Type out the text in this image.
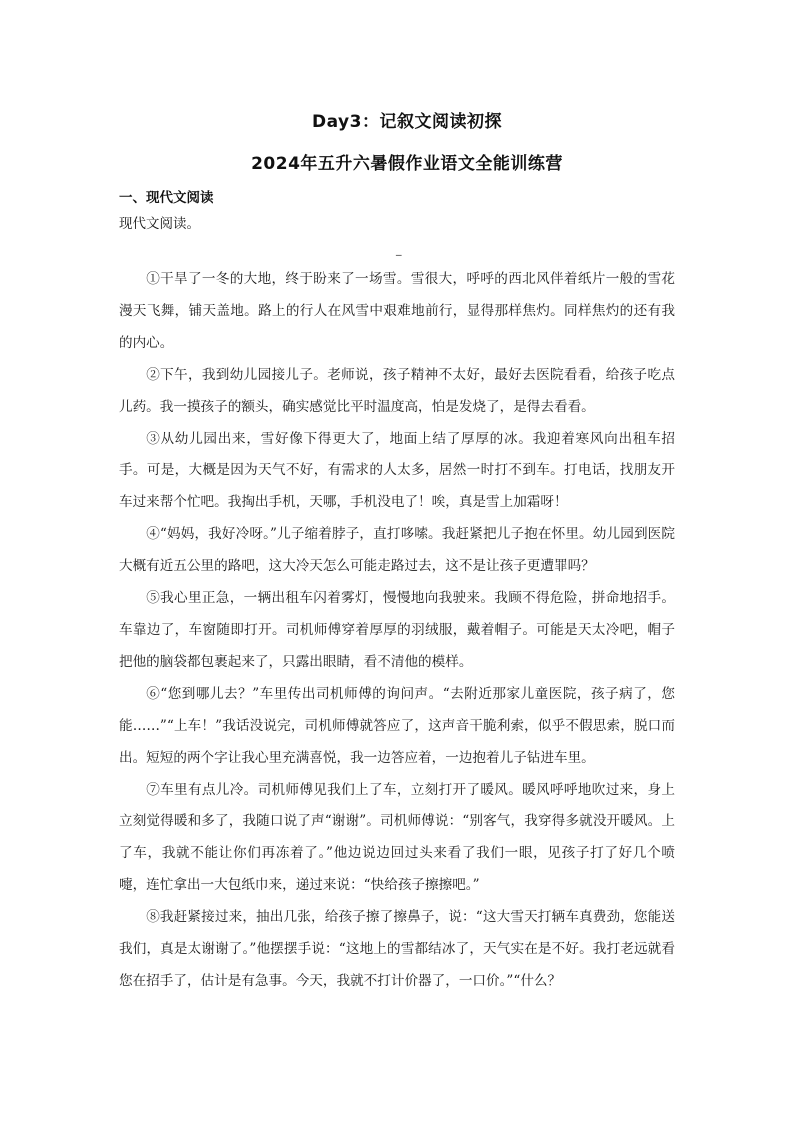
Day3：记叙文阅读初探
2024年五升六暑假作业语文全能训练营
一、现代文阅读
现代文阅读。
_

①干旱了一冬的大地，终于盼来了一场雪。雪很大，呼呼的西北风伴着纸片一般的雪花漫天飞舞，铺天盖地。路上的行人在风雪中艰难地前行，显得那样焦灼。同样焦灼的还有我的内心。

②下午，我到幼儿园接儿子。老师说，孩子精神不太好，最好去医院看看，给孩子吃点儿药。我一摸孩子的额头，确实感觉比平时温度高，怕是发烧了，是得去看看。

③从幼儿园出来，雪好像下得更大了，地面上结了厚厚的冰。我迎着寒风向出租车招手。可是，大概是因为天气不好，有需求的人太多，居然一时打不到车。打电话，找朋友开车过来帮个忙吧。我掏出手机，天哪，手机没电了！唉，真是雪上加霜呀！

④“妈妈，我好冷呀。”儿子缩着脖子，直打哆嗦。我赶紧把儿子抱在怀里。幼儿园到医院大概有近五公里的路吧，这大冷天怎么可能走路过去，这不是让孩子更遭罪吗？

⑤我心里正急，一辆出租车闪着雾灯，慢慢地向我驶来。我顾不得危险，拼命地招手。车靠边了，车窗随即打开。司机师傅穿着厚厚的羽绒服，戴着帽子。可能是天太冷吧，帽子把他的脑袋都包裹起来了，只露出眼睛，看不清他的模样。

⑥“您到哪儿去？”车里传出司机师傅的询问声。“去附近那家儿童医院，孩子病了，您能……”“上车！”我话没说完，司机师傅就答应了，这声音干脆利索，似乎不假思索，脱口而出。短短的两个字让我心里充满喜悦，我一边答应着，一边抱着儿子钻进车里。

⑦车里有点儿冷。司机师傅见我们上了车，立刻打开了暖风。暖风呼呼地吹过来，身上立刻觉得暖和多了，我随口说了声“谢谢”。司机师傅说：“别客气，我穿得多就没开暖风。上了车，我就不能让你们再冻着了。”他边说边回过头来看了我们一眼，见孩子打了好几个喷嚏，连忙拿出一大包纸巾来，递过来说：“快给孩子擦擦吧。”

⑧我赶紧接过来，抽出几张，给孩子擦了擦鼻子，说：“这大雪天打辆车真费劲，您能送我们，真是太谢谢了。”他摆摆手说：“这地上的雪都结冰了，天气实在是不好。我打老远就看您在招手了，估计是有急事。今天，我就不打计价器了，一口价。”“什么？
